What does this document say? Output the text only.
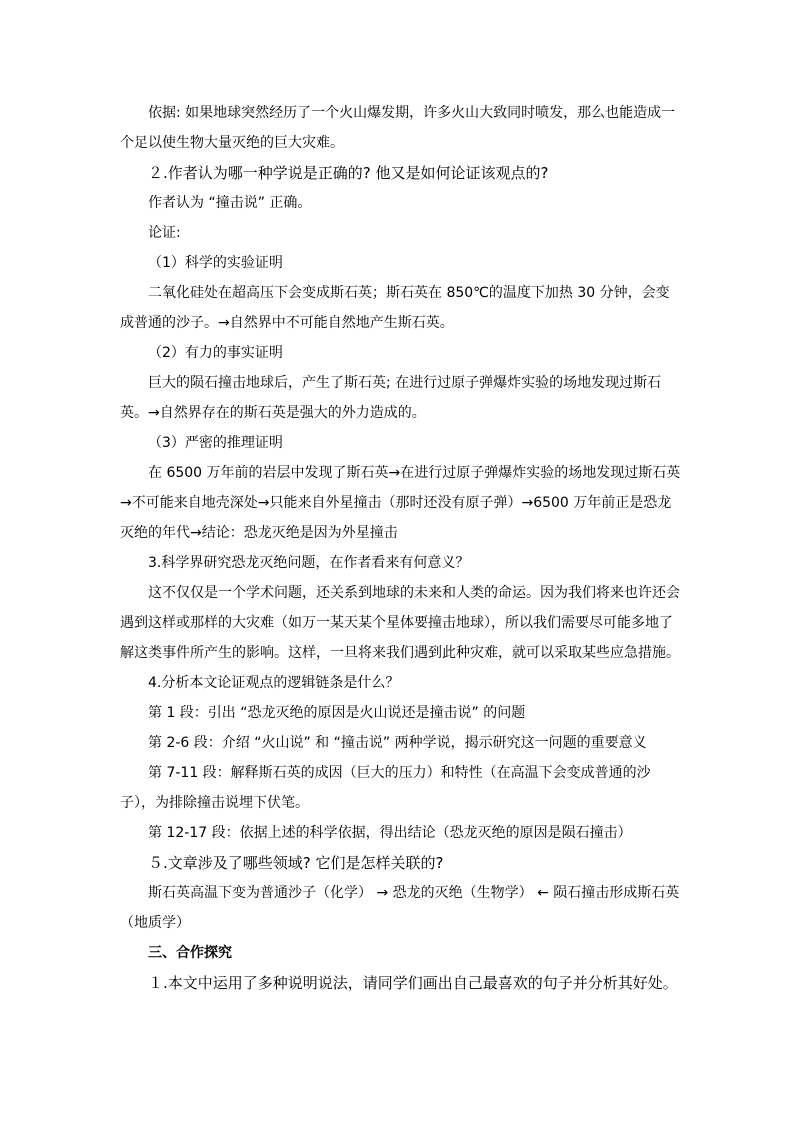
依据: 如果地球突然经历了一个火山爆发期，许多火山大致同时喷发，那么也能造成一个足以使生物大量灭绝的巨大灾难。

２.作者认为哪一种学说是正确的? 他又是如何论证该观点的?

作者认为 “撞击说” 正确。

论证:

（1）科学的实验证明

二氧化硅处在超高压下会变成斯石英；斯石英在 850℃的温度下加热 30 分钟，会变成普通的沙子。→自然界中不可能自然地产生斯石英。

（2）有力的事实证明

巨大的陨石撞击地球后，产生了斯石英; 在进行过原子弹爆炸实验的场地发现过斯石英。→自然界存在的斯石英是强大的外力造成的。

（3）严密的推理证明

在 6500 万年前的岩层中发现了斯石英→在进行过原子弹爆炸实验的场地发现过斯石英→不可能来自地壳深处→只能来自外星撞击（那时还没有原子弹）→6500 万年前正是恐龙灭绝的年代→结论：恐龙灭绝是因为外星撞击

3.科学界研究恐龙灭绝问题，在作者看来有何意义？

这不仅仅是一个学术问题，还关系到地球的未来和人类的命运。因为我们将来也许还会遇到这样或那样的大灾难（如万一某天某个星体要撞击地球），所以我们需要尽可能多地了解这类事件所产生的影响。这样，一旦将来我们遇到此种灾难，就可以采取某些应急措施。

4.分析本文论证观点的逻辑链条是什么？

第 1 段：引出 “恐龙灭绝的原因是火山说还是撞击说” 的问题

第 2-6 段：介绍 “火山说” 和 “撞击说” 两种学说，揭示研究这一问题的重要意义

第 7-11 段：解释斯石英的成因（巨大的压力）和特性（在高温下会变成普通的沙子），为排除撞击说埋下伏笔。

第 12-17 段：依据上述的科学依据，得出结论（恐龙灭绝的原因是陨石撞击）

５.文章涉及了哪些领域? 它们是怎样关联的?

斯石英高温下变为普通沙子（化学） → 恐龙的灭绝（生物学） ← 陨石撞击形成斯石英（地质学）

三、合作探究

１.本文中运用了多种说明说法，请同学们画出自己最喜欢的句子并分析其好处。
